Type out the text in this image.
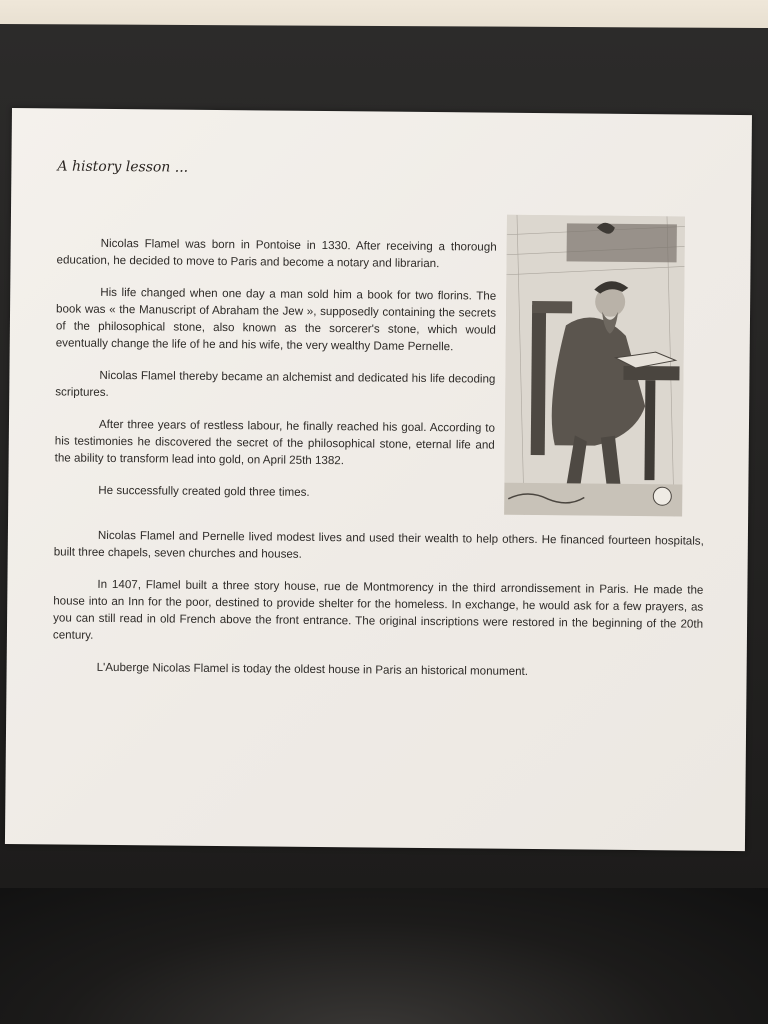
A history lesson ...

Nicolas Flamel was born in Pontoise in 1330. After receiving a thorough education, he decided to move to Paris and become a notary and librarian.

His life changed when one day a man sold him a book for two florins. The book was « the Manuscript of Abraham the Jew », supposedly containing the secrets of the philosophical stone, also known as the sorcerer's stone, which would eventually change the life of he and his wife, the very wealthy Dame Pernelle.

Nicolas Flamel thereby became an alchemist and dedicated his life decoding scriptures.

After three years of restless labour, he finally reached his goal. According to his testimonies he discovered the secret of the philosophical stone, eternal life and the ability to transform lead into gold, on April 25th 1382.

He successfully created gold three times.

Nicolas Flamel and Pernelle lived modest lives and used their wealth to help others. He financed fourteen hospitals, built three chapels, seven churches and houses.

In 1407, Flamel built a three story house, rue de Montmorency in the third arrondissement in Paris. He made the house into an Inn for the poor, destined to provide shelter for the homeless. In exchange, he would ask for a few prayers, as you can still read in old French above the front entrance. The original inscriptions were restored in the beginning of the 20th century.

L'Auberge Nicolas Flamel is today the oldest house in Paris an historical monument.
